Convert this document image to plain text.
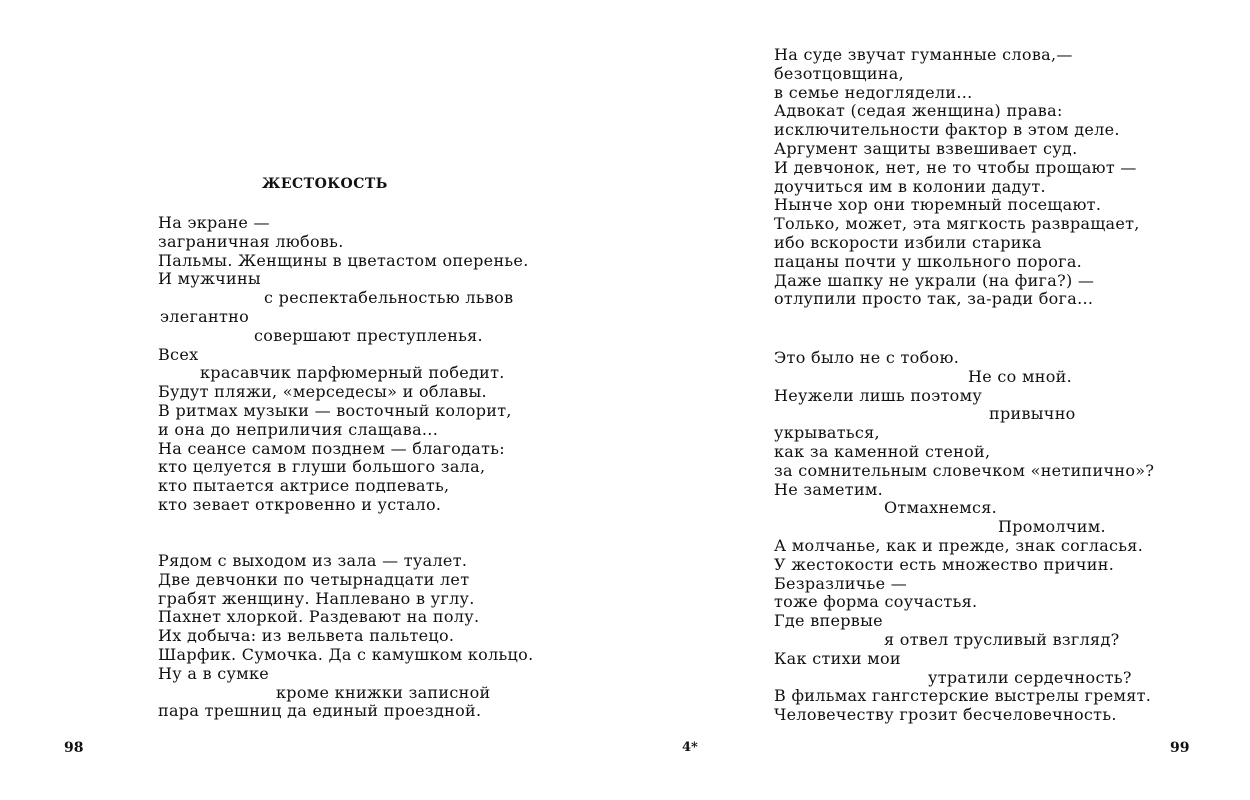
ЖЕСТОКОСТЬ
На экране —
заграничная любовь.
Пальмы. Женщины в цветастом оперенье.
И мужчины
с респектабельностью львов
элегантно
совершают преступленья.
Всех
красавчик парфюмерный победит.
Будут пляжи, «мерседесы» и облавы.
В ритмах музыки — восточный колорит,
и она до неприличия слащава...
На сеансе самом позднем — благодать:
кто целуется в глуши большого зала,
кто пытается актрисе подпевать,
кто зевает откровенно и устало.
Рядом с выходом из зала — туалет.
Две девчонки по четырнадцати лет
грабят женщину. Наплевано в углу.
Пахнет хлоркой. Раздевают на полу.
Их добыча: из вельвета пальтецо.
Шарфик. Сумочка. Да с камушком кольцо.
Ну а в сумке
кроме книжки записной
пара трешниц да единый проездной.
98	4*
На суде звучат гуманные слова,—
безотцовщина,
в семье недоглядели...
Адвокат (седая женщина) права:
исключительности фактор в этом деле.
Аргумент защиты взвешивает суд.
И девчонок, нет, не то чтобы прощают —
доучиться им в колонии дадут.
Нынче хор они тюремный посещают.
Только, может, эта мягкость развращает,
ибо вскорости избили старика
пацаны почти у школьного порога.
Даже шапку не украли (на фига?) —
отлупили просто так, за-ради бога...
Это было не с тобою.
Не со мной.
Неужели лишь поэтому
привычно
укрываться,
как за каменной стеной,
за сомнительным словечком «нетипично»?
Не заметим.
Отмахнемся.
Промолчим.
А молчанье, как и прежде, знак согласья.
У жестокости есть множество причин.
Безразличье —
тоже форма соучастья.
Где впервые
я отвел трусливый взгляд?
Как стихи мои
утратили сердечность?
В фильмах гангстерские выстрелы гремят.
Человечеству грозит бесчеловечность.
99
